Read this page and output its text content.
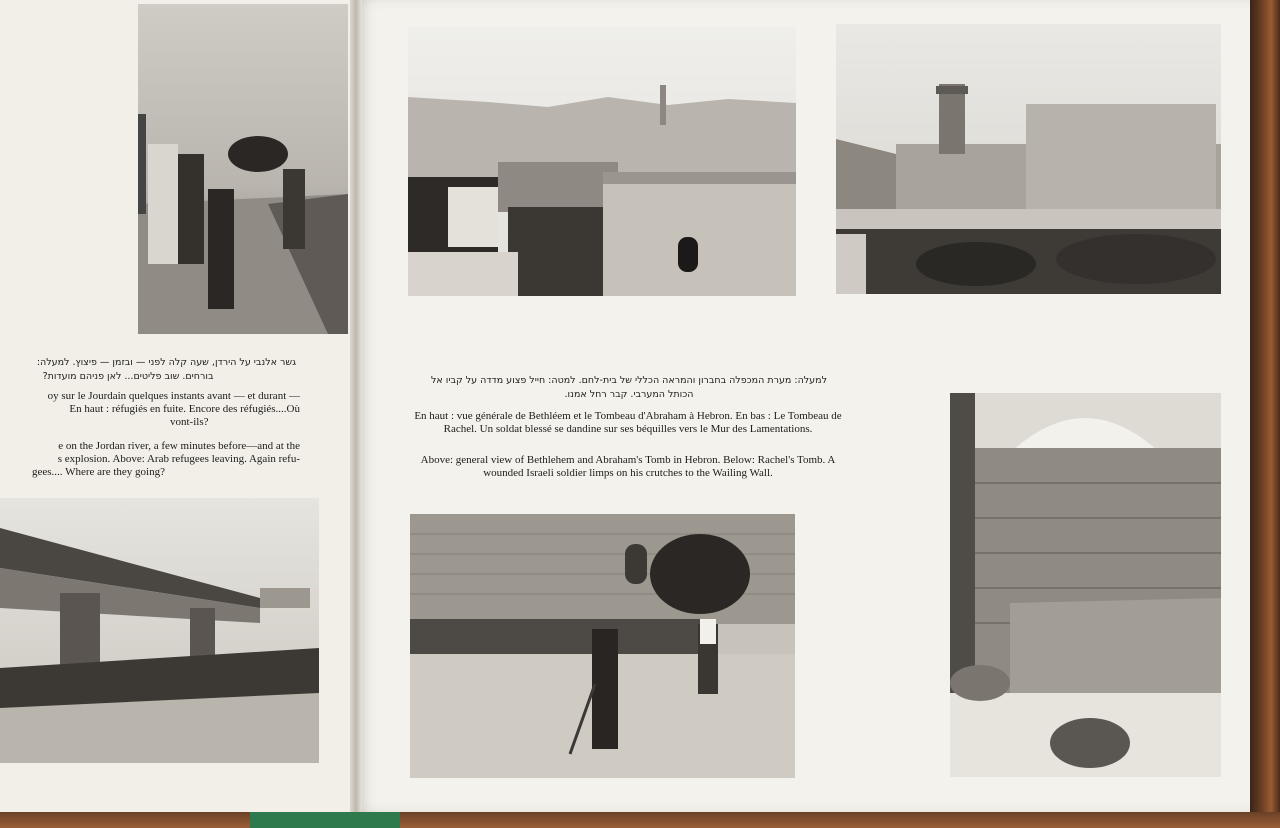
גשר אלנבי על הירדן, שעה קלה לפני — ובזמן — פיצוץ. למעלה:
בורחים. שוב פליטים... לאן פניהם מועדות?
oy sur le Jourdain quelques instants avant — et durant —
En haut : réfugiés en fuite. Encore des réfugiés....Où
vont-ils?
e on the Jordan river, a few minutes before—and at the
s explosion. Above: Arab refugees leaving. Again refu-
gees.... Where are they going?
למעלה: מערת המכפלה בחברון והמראה הכללי של בית-לחם. למטה: חייל פצוע מדדה על קביו אל
הכותל המערבי. קבר רחל אמנו.
En haut : vue générale de Bethléem et le Tombeau d'Abraham à Hebron. En bas : Le Tombeau de Rachel. Un soldat blessé se dandine sur ses béquilles vers le Mur des Lamentations.
Above: general view of Bethlehem and Abraham's Tomb in Hebron. Below: Rachel's Tomb. A wounded Israeli soldier limps on his crutches to the Wailing Wall.
